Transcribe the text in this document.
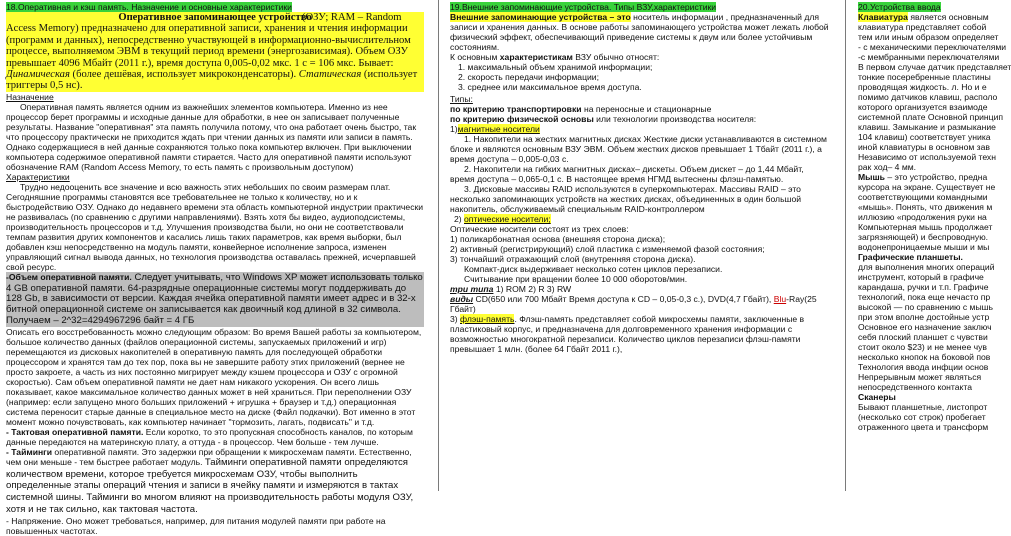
18.Оперативная и кэш память. Назначение и основные характеристики

Оперативное запоминающее устройство

(ОЗУ; RAM – Random Access Memory) предназначено для оперативной записи, хранения и чтения информации (программ и данных), непосредственно участвующей в информационно-вычислительном процессе, выполняемом ЭВМ в текущий период времени (энергозависимая). Объем ОЗУ превышает 4096 Мбайт (2011 г.), время доступа 0,005-0,02 мкс. 1 с = 106 мкс. Бывает: Динамическая (более дешёвая, использует микроконденсаторы). Статическая (использует триггеры 0,5 нс).

Назначение

Оперативная память является одним из важнейших элементов компьютера. Именно из нее процессор берет программы и исходные данные для обработки, в нее он записывает полученные результаты. Название "оперативная" эта память получила потому, что она работает очень быстро, так что процессору практически не приходится ждать при чтении данных из памяти или записи в память. Однако содержащиеся в ней данные сохраняются только пока компьютер включен. При выключении компьютера содержимое оперативной памяти стирается. Часто для оперативной памяти используют обозначение RAM (Random Access Memory, то есть память с произвольным доступом)

Характеристики

Трудно недооценить все значение и всю важность этих небольших по своим размерам плат. Сегодняшние программы становятся все требовательнее не только к количеству, но и к быстродействию ОЗУ. Однако до недавнего времени эта область компьютерной индустрии практически не развивалась (по сравнению с другими направлениями). Взять хотя бы видео, аудиоподсистемы, производительность процессоров и т.д. Улучшения производства были, но они не соответствовали темпам развития других компонентов и касались лишь таких параметров, как время выборки, был добавлен кэш непосредственно на модуль памяти, конвейерное исполнение запроса, изменен управляющий сигнал вывода данных, но технология производства оставалась прежней, исчерпавшей свой ресурс.

-Объем оперативной памяти. Следует учитывать, что Windows XP может использовать только 4 GB оперативной памяти. 64-разрядные операционные системы могут поддерживать до 128 Gb, в зависимости от версии. Каждая ячейка оперативной памяти имеет адрес и в 32-х битной операционной системе он записывается как двоичный код длиной в 32 символа. Получаем – 2^32=4294967296 байт = 4 ГБ

Описать его восстребованность можно следующим образом: Во время Вашей работы за компьютером, большое количество данных (файлов операционной системы, запускаемых приложений и игр) перемещаются из дисковых накопителей в оперативную память для последующей обработки процессором и хранятся там до тех пор, пока вы не завершите работу этих приложений (вернее не просто закроете, а часть из них постоянно мигрирует между кэшем процессора и ОЗУ с огромной скоростью). Сам объем оперативной памяти не дает нам никакого ускорения. Он всего лишь показывает, какое максимальное количество данных может в ней храниться. При переполнении ОЗУ (например: если запущено много больших приложений + игрушка + браузер и т.д.) операционная система переносит старые данные в специальное место на диске (Файл подкачки). Вот именно в этот момент можно почувствовать, как компьютер начинает "тормозить, лагать, подвисать" и т.д.

- Тактовая оперативной памяти. Если коротко, то это пропускная способность каналов, по которым данные передаются на материнскую плату, а оттуда - в процессор. Чем больше - тем лучше.

- Тайминги оперативной памяти. Это задержки при обращении к микросхемам памяти. Естественно, чем они меньше - тем быстрее работает модуль. Тайминги оперативной памяти определяются количеством времени, которое требуется микросхемам ОЗУ, чтобы выполнить определенные этапы операций чтения и записи в ячейку памяти и измеряются в тактах системной шины. Тайминги во многом влияют на производительность работы модуля ОЗУ, хотя и не так сильно, как тактовая частота.

- Напряжение. Оно может требоваться, например, для питания модулей памяти при работе на повышенных частотах.

19.Внешние запоминающие устройства. Типы ВЗУ,характеристики

Внешние запоминающие устройства – это носитель информации , предназначенный для записи и хранения данных. В основе работы запоминающего устройства может лежать любой физический эффект, обеспечивающий приведение системы к двум или более устойчивым состояниям.

К основным характеристикам ВЗУ обычно относят:

1. максимальный объем хранимой информации;

2. скорость передачи информации;

3. среднее или максимальное время доступа.

Типы:

по критерию транспортировки на переносные и стационарные

по критерию физической основы или технологии производства носителя:

1)магнитные носители

1. Накопители на жестких магнитных дисках Жесткие диски устанавливаются в системном блоке и являются основным ВЗУ ЭВМ. Объем жестких дисков превышает 1 Тбайт (2011 г.), а время доступа – 0,005-0,03 с.

2. Накопители на гибких магнитных дисках– дискеты. Объем дискет – до 1,44 Мбайт, время доступа – 0,065-0,1 с. В настоящее время НГМД вытеснены флэш-памятью.

3. Дисковые массивы RAID используются в суперкомпьютерах. Массивы RAID – это несколько запоминающих устройств на жестких дисках, объединенных в один большой накопитель, обслуживаемый специальным RAID-контроллером

2) оптические носители;

Оптические носители состоят из трех слоев:

1) поликарбонатная основа (внешняя сторона диска);

2) активный (регистрирующий) слой пластика с изменяемой фазой состояния;

3) тончайший отражающий слой (внутренняя сторона диска).

Компакт-диск выдерживает несколько сотен циклов перезаписи.

Считывание при вращении более 10 000 оборотов/мин.

три типа 1) ROM 2) R 3) RW

виды CD(650 или 700 Мбайт Время доступа к CD – 0,05-0,3 с.), DVD(4,7 Гбайт), Blu-Ray(25 Гбайт)

3) флэш-память. Флэш-память представляет собой микросхемы памяти, заключенные в пластиковый корпус, и предназначена для долговременного хранения информации с возможностью многократной перезаписи. Количество циклов перезаписи флэш-памяти превышает 1 млн. (более 64 Гбайт 2011 г.),

20.Устройства ввода

Клавиатура является основным

клавиатура представляет собой

тем или иным образом определяет

- с механическими переключателями

-с мембранными переключателями

В первом случае датчик представляет

тонкие посеребренные пластины

проводящая жидкость. л. Но и е

помимо датчиков клавиш, располо

которого организуется взаимоде

системной плате Основной принцип

клавиш. Замыкание и размыкание

104 клавиш) соответствует уника

иной клавиатуры в основном зав

Независимо от используемой техн

рак ход– 4 мм.

Мышь – это устройство, предна

курсора на экране. Существует не

соответствующими командными

«мышь». Понять, что движения м

иллюзию «продолжения руки на

Компьютерная мышь продолжает

загрязняющей) и беспроводную.

водонепроницаемые мыши и мы

Графические планшеты.

для выполнения многих операций

инструмент, который в графиче

карандаша, ручки и т.п. Графиче

технологий, пока еще нечасто пр

высокой — по сравнению с мышь

при этом вполне достойные устр

Основное его назначение заключ

себя плоский планшет с чувстви

стоит около $23) и не менее чув

несколько кнопок на боковой пов

Технология ввода инфции основ

Непрерывным может являться

непосредственного контакта

Сканеры

Бывают планшетные, листопрот

(несколько сот строк) пробегает

отраженного цвета и трансформ
